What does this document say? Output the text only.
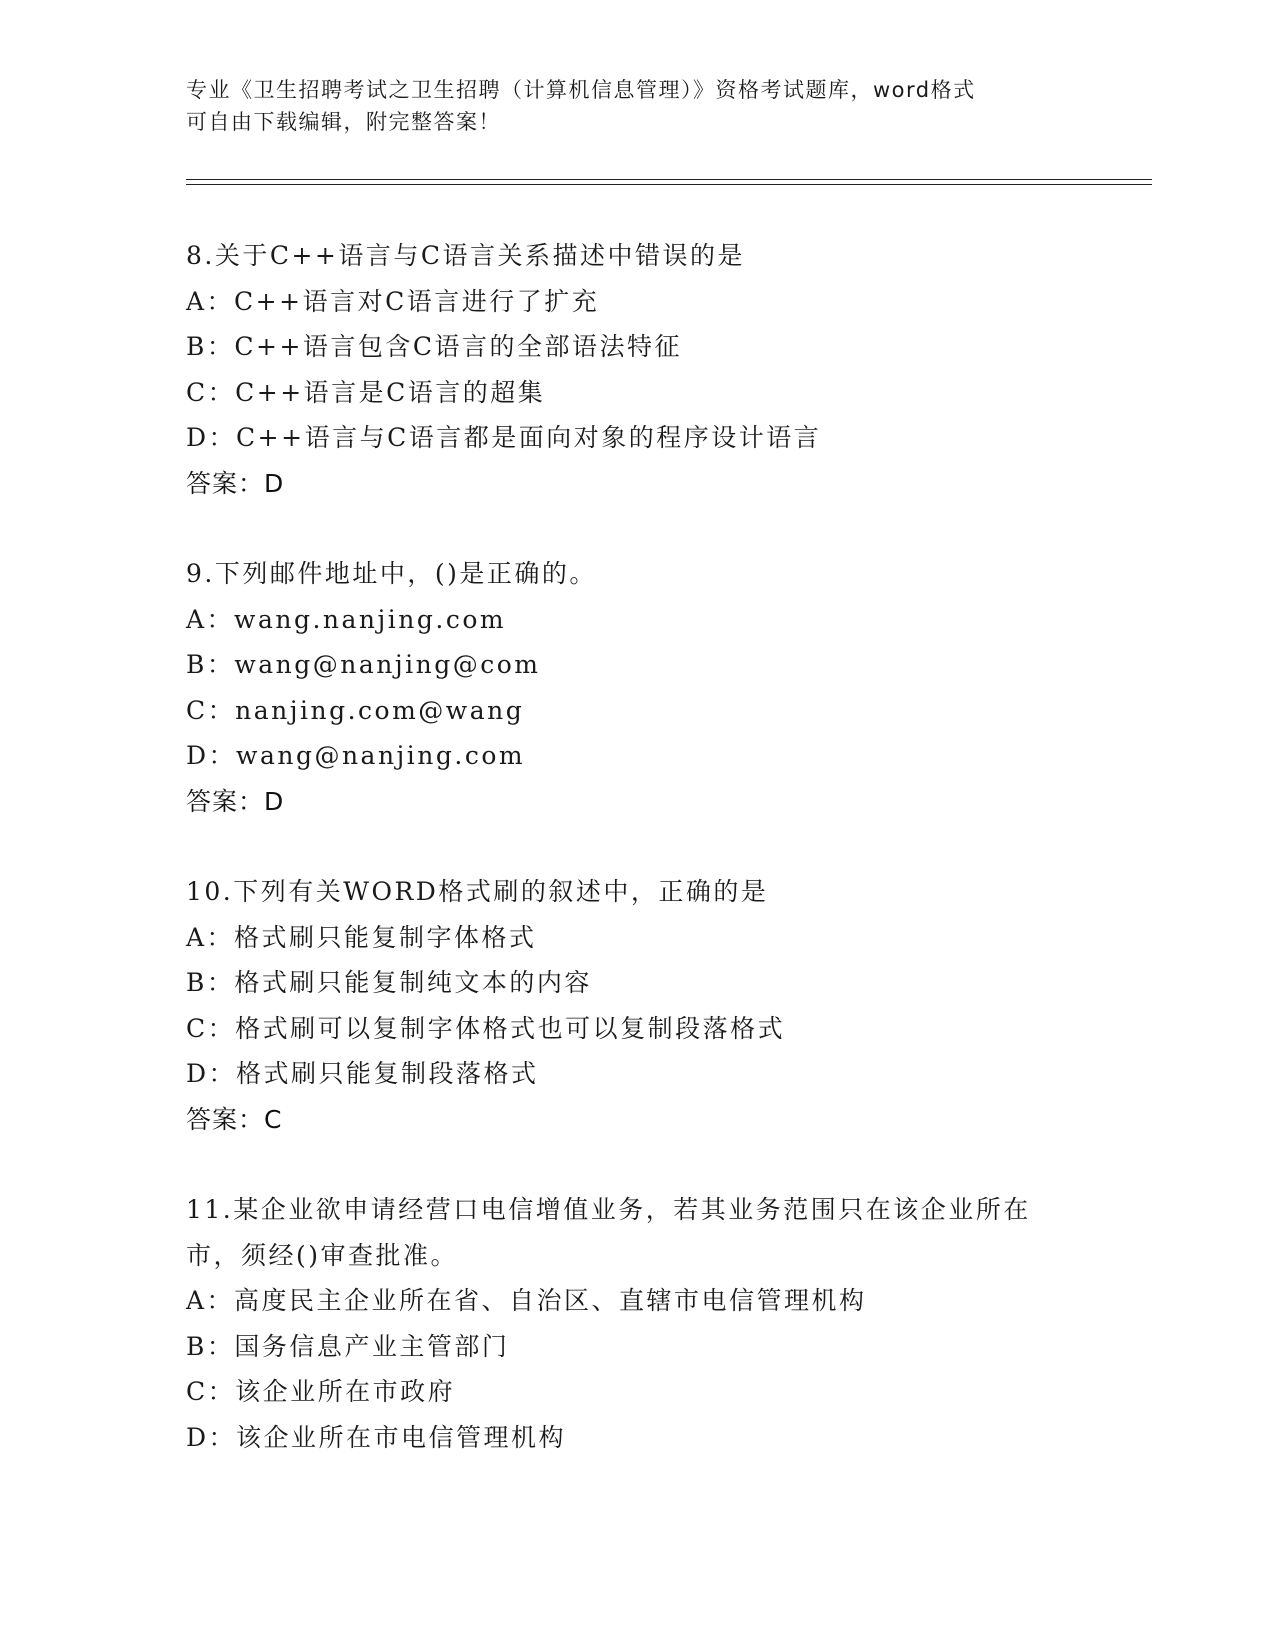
专业《卫生招聘考试之卫生招聘（计算机信息管理）》资格考试题库，word格式
可自由下载编辑，附完整答案！
8.关于C++语言与C语言关系描述中错误的是
A：C++语言对C语言进行了扩充
B：C++语言包含C语言的全部语法特征
C：C++语言是C语言的超集
D：C++语言与C语言都是面向对象的程序设计语言
答案：D
9.下列邮件地址中，()是正确的。
A：wang.nanjing.com
B：wang@nanjing@com
C：nanjing.com@wang
D：wang@nanjing.com
答案：D
10.下列有关WORD格式刷的叙述中，正确的是
A：格式刷只能复制字体格式
B：格式刷只能复制纯文本的内容
C：格式刷可以复制字体格式也可以复制段落格式
D：格式刷只能复制段落格式
答案：C
11.某企业欲申请经营口电信增值业务，若其业务范围只在该企业所在
市，须经()审查批准。
A：高度民主企业所在省、自治区、直辖市电信管理机构
B：国务信息产业主管部门
C：该企业所在市政府
D：该企业所在市电信管理机构
